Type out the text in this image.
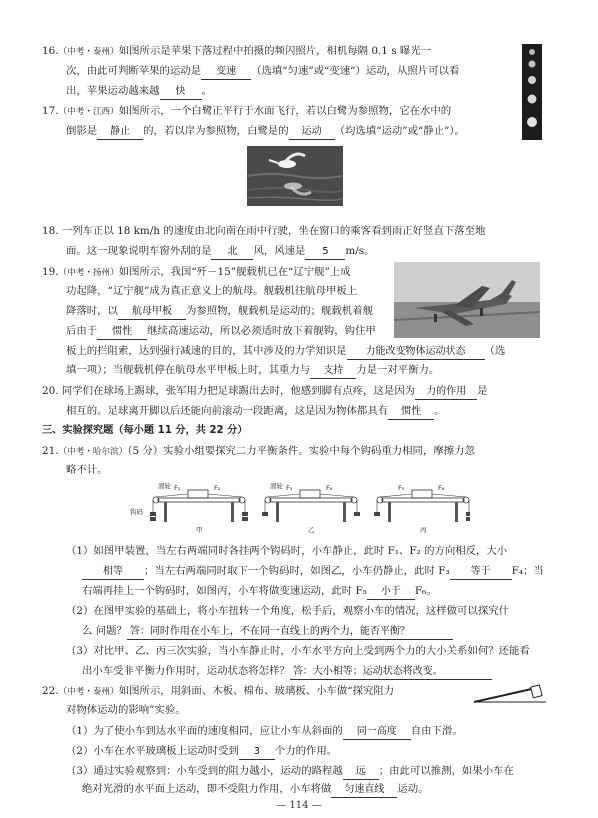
16.（中考・泰州）如图所示是苹果下落过程中拍摄的频闪照片，相机每隔 0.1 s 曝光一
次，由此可判断苹果的运动是 变速 （选填“匀速”或“变速”）运动，从照片可以看
出，苹果运动越来越 快 。
17.（中考・江西）如图所示，一个白鹭正平行于水面飞行，若以白鹭为参照物，它在水中的
倒影是 静止 的，若以岸为参照物，白鹭是的 运动 （均选填“运动”或“静止”）。
18. 一列车正以 18 km/h 的速度由北向南在雨中行驶，坐在窗口的乘客看到雨正好竖直下落至地
面。这一现象说明车窗外刮的是 北 风，风速是 5 m/s。
19.（中考・扬州）如图所示，我国“歼－15”舰载机已在“辽宁舰”上成
功起降，“辽宁舰”成为真正意义上的航母。舰载机往航母甲板上
降落时，以 航母甲板 为参照物，舰载机是运动的；舰载机着舰
后由于 惯性 继续高速运动，所以必须适时放下着舰钩，钩住甲
板上的拦阻索，达到强行减速的目的，其中涉及的力学知识是 力能改变物体运动状态 （选
填一项）；当舰载机停在航母水平甲板上时，其重力与 支持 力是一对平衡力。
20. 同学们在球场上踢球，张军用力把足球踢出去时，他感到脚有点疼，这是因为 力的作用 是
相互的。足球离开脚以后还能向前滚动一段距离，这是因为物体都具有 惯性 。
三、实验探究题（每小题 11 分，共 22 分）
21.（中考・哈尔滨）（5 分）实验小组要探究二力平衡条件。实验中每个钩码重力相同，摩擦力忽
略不计。
滑轮
钩码
F₁	F₂
甲
滑轮 F₃	F₄
乙
F₅	F₆
丙
（1）如图甲装置，当左右两端同时各挂两个钩码时，小车静止，此时 F₁、F₂ 的方向相反，大小
相等 ；当左右两端同时取下一个钩码时，如图乙，小车仍静止，此时 F₃ 等于 F₄；当
右端再挂上一个钩码时，如图丙，小车将做变速运动，此时 F₅ 小于 F₆。
（2）在图甲实验的基础上，将小车扭转一个角度，松手后，观察小车的情况，这样做可以探究什
么 问题？ 答：同时作用在小车上，不在同一直线上的两个力，能否平衡？
（3）对比甲、乙、丙三次实验，当小车静止时，小车水平方向上受到两个力的大小关系如何？还能看
出小车受非平衡力作用时，运动状态将怎样？ 答：大小相等；运动状态将改变。
22.（中考・泰州）如图所示，用斜面、木板、棉布、玻璃板、小车做“探究阻力
对物体运动的影响”实验。
（1）为了使小车到达水平面的速度相同，应让小车从斜面的 同一高度 自由下滑。
（2）小车在水平玻璃板上运动时受到 3 个力的作用。
（3）通过实验观察到：小车受到的阻力越小，运动的路程越 远 ；由此可以推测，如果小车在
绝对光滑的水平面上运动，即不受阻力作用，小车将做 匀速直线 运动。
— 114 —
